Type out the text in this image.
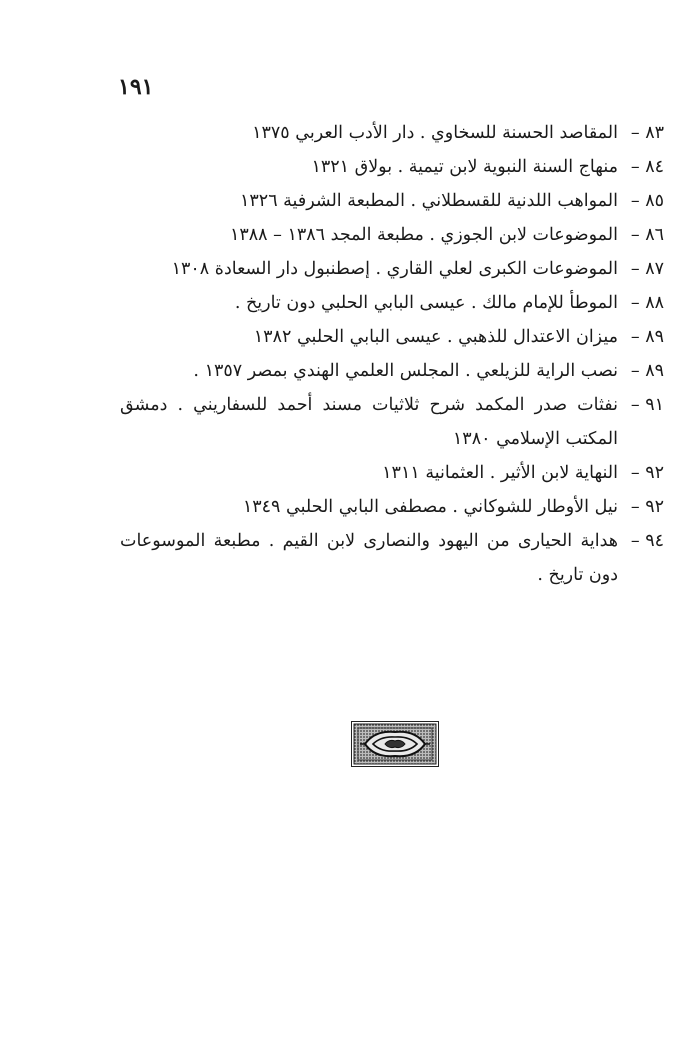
١٩١
٨٣ –
المقاصد الحسنة للسخاوي . دار الأدب العربي ١٣٧٥
٨٤ –
منهاج السنة النبوية لابن تيمية . بولاق ١٣٢١
٨٥ –
المواهب اللدنية للقسطلاني . المطبعة الشرفية ١٣٢٦
٨٦ –
الموضوعات لابن الجوزي . مطبعة المجد ١٣٨٦ – ١٣٨٨
٨٧ –
الموضوعات الكبرى لعلي القاري . إصطنبول دار السعادة ١٣٠٨
٨٨ –
الموطأ للإمام مالك . عيسى البابي الحلبي دون تاريخ .
٨٩ –
ميزان الاعتدال للذهبي . عيسى البابي الحلبي ١٣٨٢
٨٩ –
نصب الراية للزيلعي . المجلس العلمي الهندي بمصر ١٣٥٧ .
٩١ –
نفثات صدر المكمد شرح ثلاثيات مسند أحمد للسفاريني . دمشق المكتب الإسلامي ١٣٨٠
٩٢ –
النهاية لابن الأثير . العثمانية ١٣١١
٩٢ –
نيل الأوطار للشوكاني . مصطفى البابي الحلبي ١٣٤٩
٩٤ –
هداية الحيارى من اليهود والنصارى لابن القيم . مطبعة الموسوعات دون تاريخ .
